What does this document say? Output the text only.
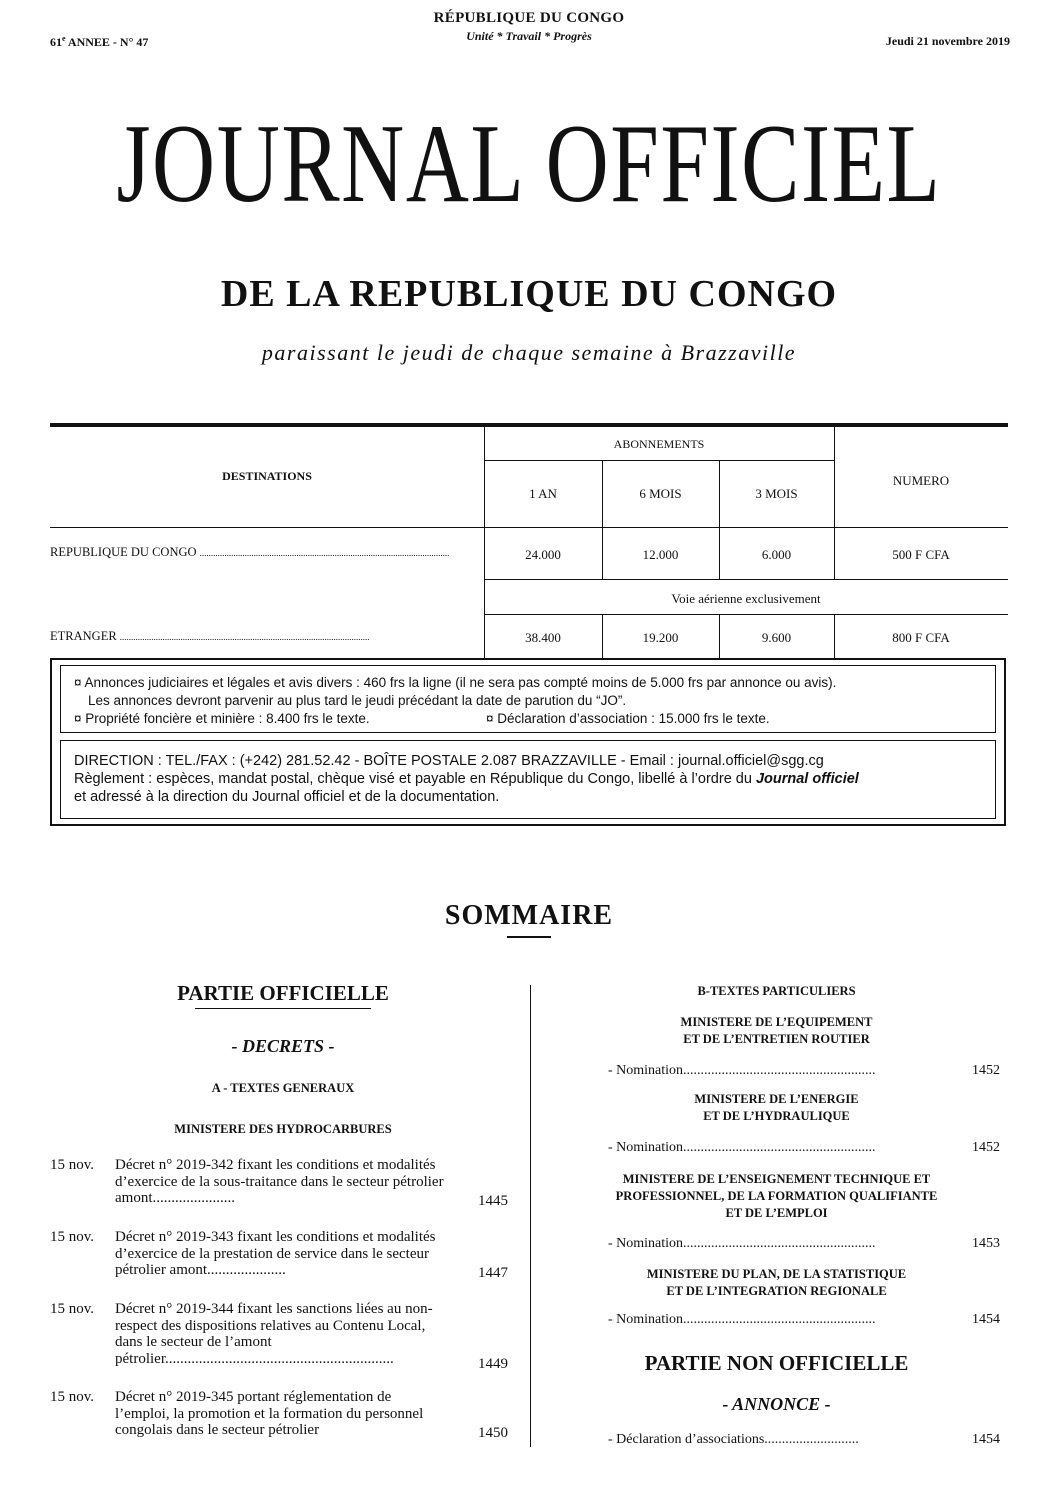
61e ANNEE - N° 47
RÉPUBLIQUE DU CONGO
Unité * Travail * Progrès	Jeudi 21 novembre 2019
JOURNAL OFFICIEL
DE LA REPUBLIQUE DU CONGO
paraissant le jeudi de chaque semaine à Brazzaville
DESTINATIONS
ABONNEMENTS
NUMERO
1 AN	6 MOIS	3 MOIS
REPUBLIQUE DU CONGO ...............................................................................................................	24.000	12.000	6.000	500 F CFA
Voie aérienne exclusivement
ETRANGER ...............................................................................................................	38.400	19.200	9.600	800 F CFA
¤ Annonces judiciaires et légales et avis divers : 460 frs la ligne (il ne sera pas compté moins de 5.000 frs par annonce ou avis).
Les annonces devront parvenir au plus tard le jeudi précédant la date de parution du “JO”.
¤ Propriété foncière et minière : 8.400 frs le texte.	¤ Déclaration d’association : 15.000 frs le texte.
DIRECTION : TEL./FAX : (+242) 281.52.42 - BOÎTE POSTALE 2.087 BRAZZAVILLE - Email : journal.officiel@sgg.cg
Règlement : espèces, mandat postal, chèque visé et payable en République du Congo, libellé à l’ordre du Journal officiel
et adressé à la direction du Journal officiel et de la documentation.
SOMMAIRE
PARTIE OFFICIELLE
- DECRETS -
A - TEXTES GENERAUX
MINISTERE DES HYDROCARBURES
15 nov. Décret n° 2019-342 fixant les conditions et modalités d’exercice de la sous-traitance dans le secteur pétrolier amont......................	1445
15 nov. Décret n° 2019-343 fixant les conditions et modalités d’exercice de la prestation de service dans le secteur pétrolier amont.....................	1447
15 nov. Décret n° 2019-344 fixant les sanctions liées au non-respect des dispositions relatives au Contenu Local, dans le secteur de l’amont pétrolier.............................................................	1449
15 nov. Décret n° 2019-345 portant réglementation de l’emploi, la promotion et la formation du personnel congolais dans le secteur pétrolier	1450
B-TEXTES PARTICULIERS
MINISTERE DE L’EQUIPEMENT
ET DE L’ENTRETIEN ROUTIER
- Nomination.......................................................	1452
MINISTERE DE L’ENERGIE
ET DE L’HYDRAULIQUE
- Nomination.......................................................	1452
MINISTERE DE L’ENSEIGNEMENT TECHNIQUE ET
PROFESSIONNEL, DE LA FORMATION QUALIFIANTE
ET DE L’EMPLOI
- Nomination.......................................................	1453
MINISTERE DU PLAN, DE LA STATISTIQUE
ET DE L’INTEGRATION REGIONALE
- Nomination.......................................................	1454
PARTIE NON OFFICIELLE
- ANNONCE -
- Déclaration d’associations...........................	1454
